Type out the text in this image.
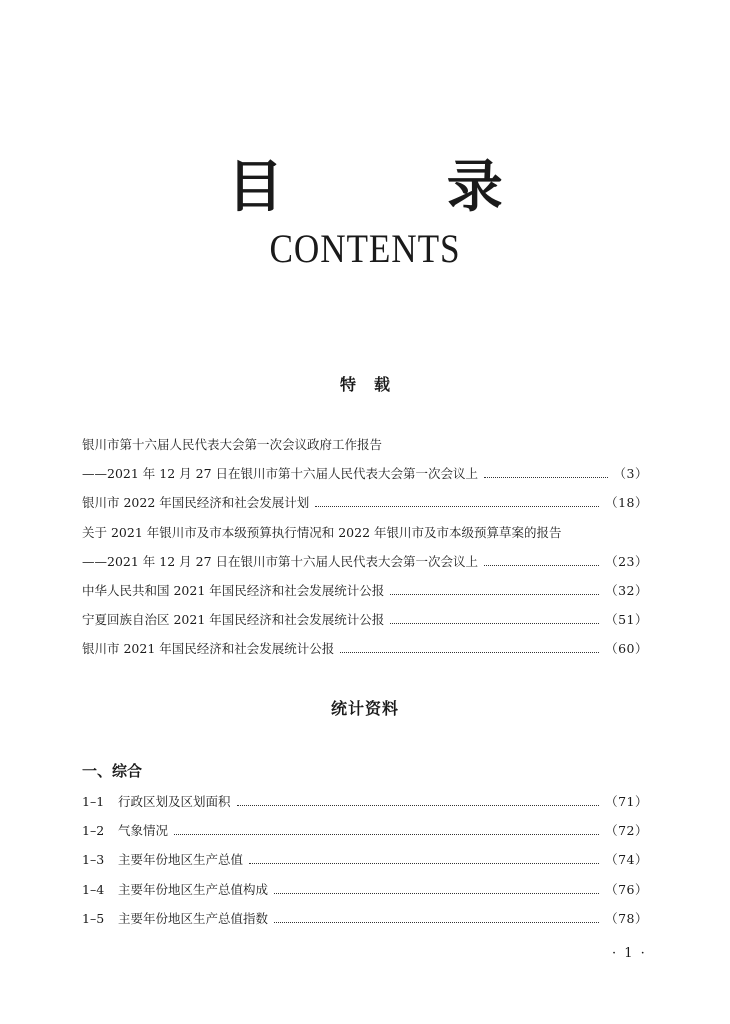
目 录
CONTENTS
特载
银川市第十六届人民代表大会第一次会议政府工作报告
——2021 年 12 月 27 日在银川市第十六届人民代表大会第一次会议上	（3）
银川市 2022 年国民经济和社会发展计划	（18）
关于 2021 年银川市及市本级预算执行情况和 2022 年银川市及市本级预算草案的报告
——2021 年 12 月 27 日在银川市第十六届人民代表大会第一次会议上	（23）
中华人民共和国 2021 年国民经济和社会发展统计公报	（32）
宁夏回族自治区 2021 年国民经济和社会发展统计公报	（51）
银川市 2021 年国民经济和社会发展统计公报	（60）
统计资料
一、综合
1–1	行政区划及区划面积	（71）
1–2	气象情况	（72）
1–3	主要年份地区生产总值	（74）
1–4	主要年份地区生产总值构成	（76）
1–5	主要年份地区生产总值指数	（78）
· 1 ·
